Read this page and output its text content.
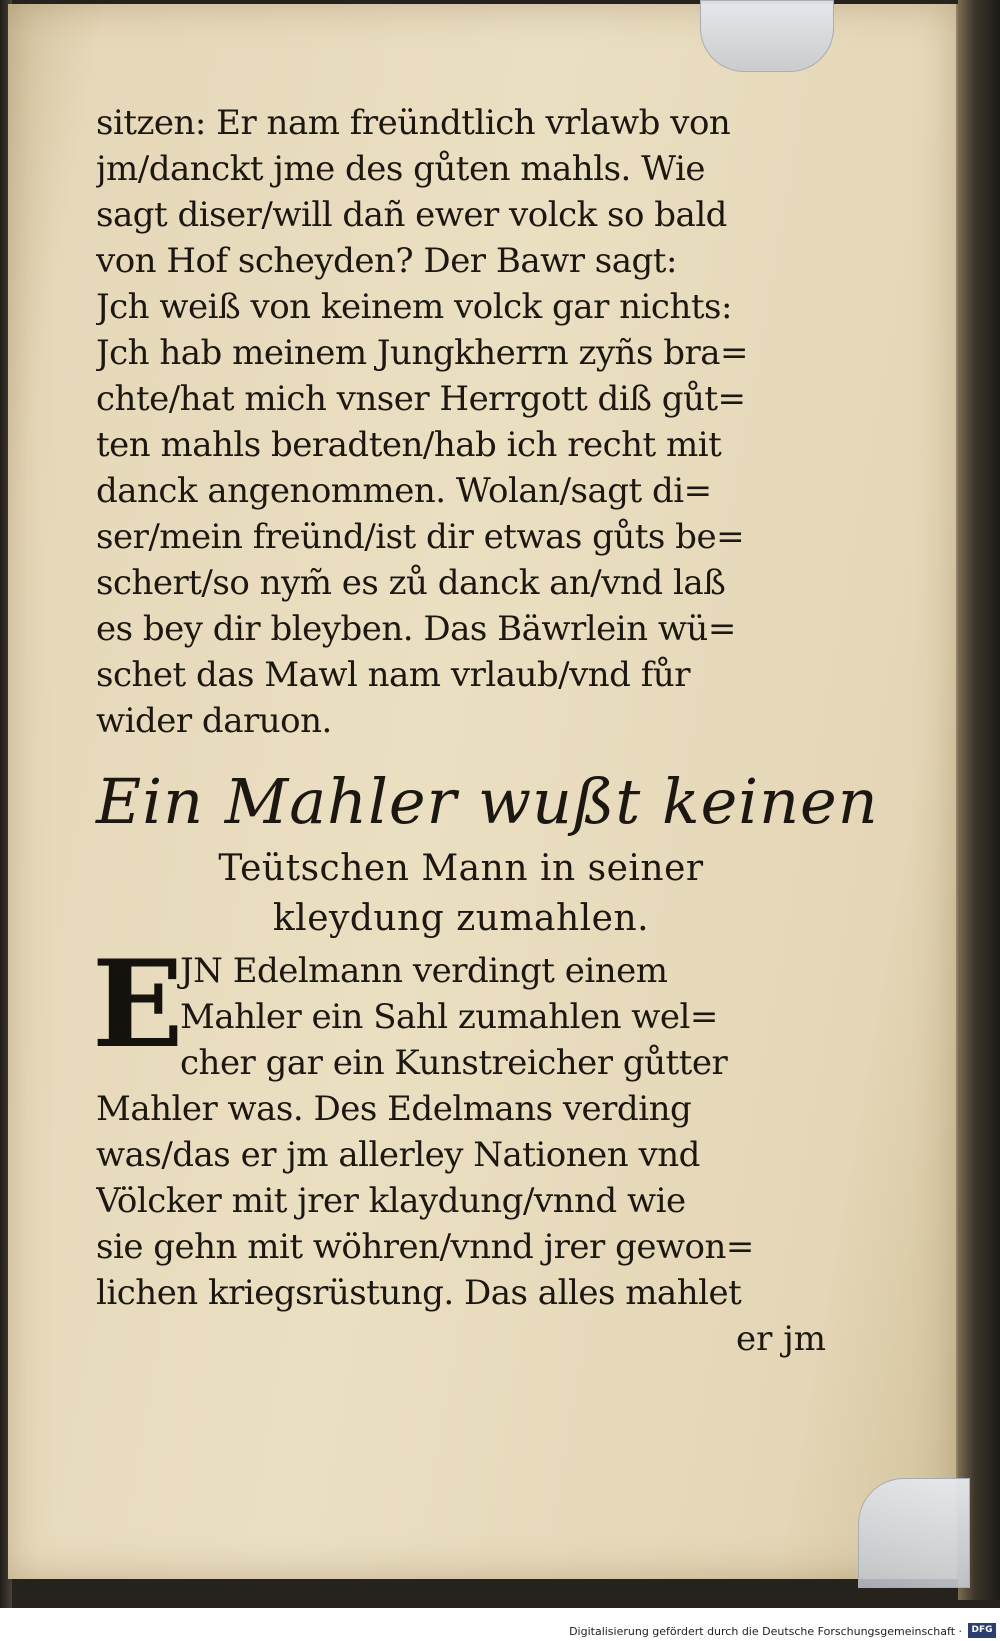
sitzen: Er nam freündtlich vrlawb von
jm/danckt jme des gůten mahls. Wie
sagt diser/will dañ ewer volck so bald
von Hof scheyden? Der Bawr sagt:
Jch weiß von keinem volck gar nichts:
Jch hab meinem Jungkherrn zyñs bra=
chte/hat mich vnser Herrgott diß gůt=
ten mahls beradten/hab ich recht mit
danck angenommen. Wolan/sagt di=
ser/mein freünd/ist dir etwas gůts be=
schert/so nym̃ es zů danck an/vnd laß
es bey dir bleyben. Das Bäwrlein wü=
schet das Mawl nam vrlaub/vnd fůr
wider daruon.
Ein Mahler wußt keinen
Teütschen Mann in seiner
kleydung zumahlen.
E
JN Edelmann verdingt einem
Mahler ein Sahl zumahlen wel=
cher gar ein Kunstreicher gůtter
Mahler was. Des Edelmans verding
was/das er jm allerley Nationen vnd
Völcker mit jrer klaydung/vnnd wie
sie gehn mit wöhren/vnnd jrer gewon=
lichen kriegsrüstung. Das alles mahlet
er jm
Digitalisierung gefördert durch die Deutsche Forschungsgemeinschaft ·	DFG
